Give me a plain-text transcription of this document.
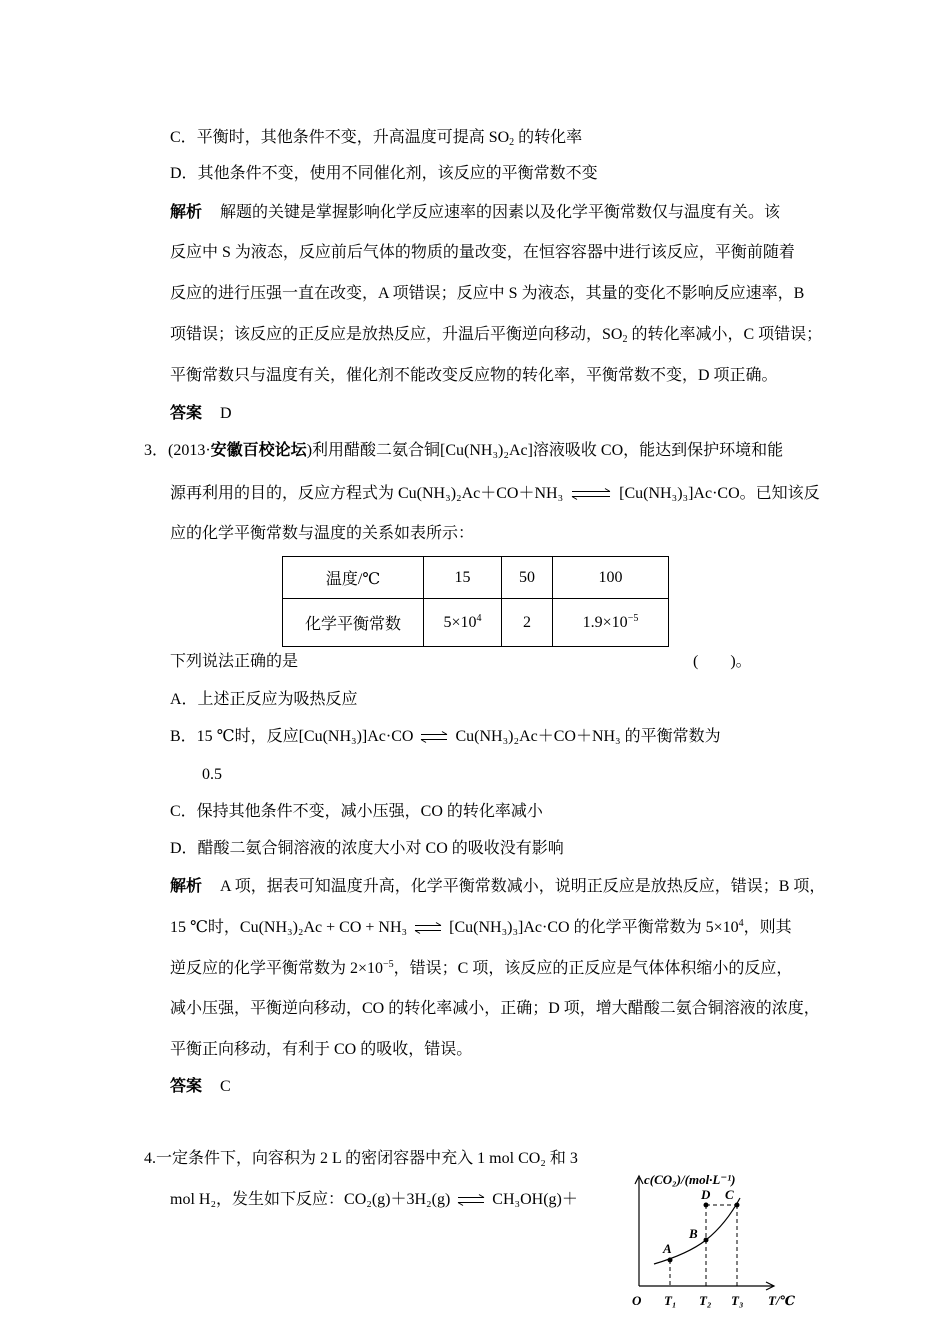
C．平衡时，其他条件不变，升高温度可提高 $SO_2$ 的转化率
D．其他条件不变，使用不同催化剂，该反应的平衡常数不变
解析 解题的关键是掌握影响化学反应速率的因素以及化学平衡常数仅与温度有关。该
反应中 S 为液态，反应前后气体的物质的量改变，在恒容容器中进行该反应，平衡前随着
反应的进行压强一直在改变，A 项错误；反应中 S 为液态，其量的变化不影响反应速率，B
项错误；该反应的正反应是放热反应，升温后平衡逆向移动，$SO_2$ 的转化率减小，C 项错误；
平衡常数只与温度有关，催化剂不能改变反应物的转化率，平衡常数不变，D 项正确。
答案 D
3．(2013·安徽百校论坛)利用醋酸二氨合铜[Cu(NH₃)₂Ac]溶液吸收 CO，能达到保护环境和能
源再利用的目的，反应方程式为 Cu(NH₃)₂Ac＋CO＋NH₃ ⇌ [Cu(NH₃)₃]Ac·CO。已知该反
应的化学平衡常数与温度的关系如表所示：
温度/℃	15	50	100
化学平衡常数	$5\times 10^4$	2	$1.9\times 10^{-5}$
下列说法正确的是	(　　)。
A．上述正反应为吸热反应
B．15 ℃时，反应[Cu(NH₃)]Ac·CO ⇌ Cu(NH₃)₂Ac＋CO＋NH₃ 的平衡常数为
0.5
C．保持其他条件不变，减小压强，CO 的转化率减小
D．醋酸二氨合铜溶液的浓度大小对 CO 的吸收没有影响
解析 A 项，据表可知温度升高，化学平衡常数减小，说明正反应是放热反应，错误；B 项，
15 ℃时，Cu(NH₃)₂Ac + CO + NH₃ ⇌ [Cu(NH₃)₃]Ac·CO 的化学平衡常数为 $5\times 10^4$，则其
逆反应的化学平衡常数为 $2\times 10^{-5}$，错误；C 项，该反应的正反应是气体体积缩小的反应，
减小压强，平衡逆向移动，CO 的转化率减小，正确；D 项，增大醋酸二氨合铜溶液的浓度，
平衡正向移动，有利于 CO 的吸收，错误。
答案 C
4.一定条件下，向容积为 2 L 的密闭容器中充入 1 mol CO₂ 和 3
mol H₂，发生如下反应：CO₂(g)＋3H₂(g) ⇌ CH₃OH(g)＋
c(CO₂)/(mol·L⁻¹)
T/℃
O T₁ T₂ T₃
A
B
C
D
